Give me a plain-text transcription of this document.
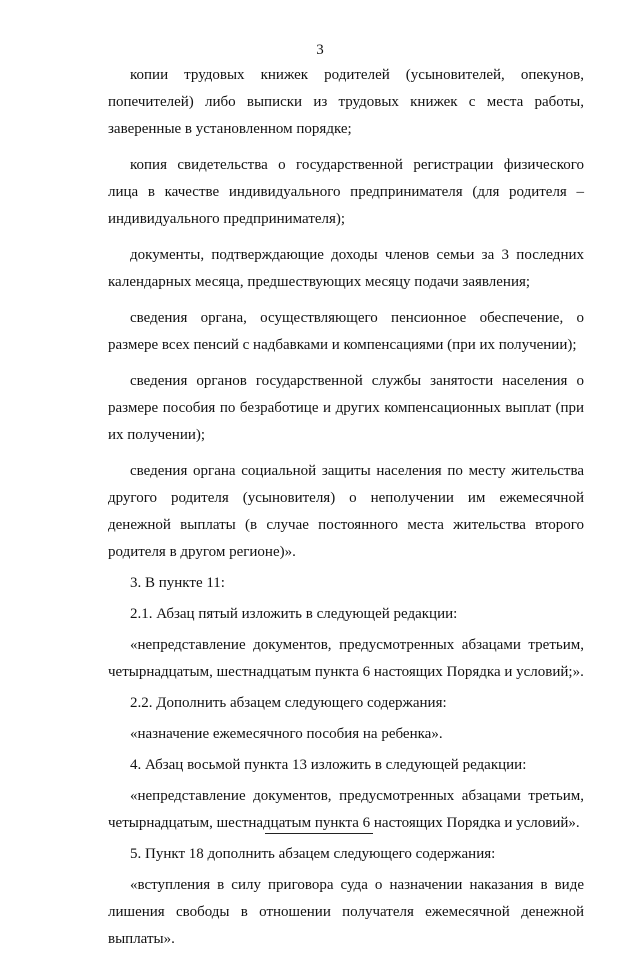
3

копии трудовых книжек родителей (усыновителей, опекунов, попечителей) либо выписки из трудовых книжек с места работы, заверенные в установленном порядке;

копия свидетельства о государственной регистрации физического лица в качестве индивидуального предпринимателя (для родителя – индивидуального предпринимателя);

документы, подтверждающие доходы членов семьи за 3 последних календарных месяца, предшествующих месяцу подачи заявления;

сведения органа, осуществляющего пенсионное обеспечение, о размере всех пенсий с надбавками и компенсациями (при их получении);

сведения органов государственной службы занятости населения о размере пособия по безработице и других компенсационных выплат (при их получении);

сведения органа социальной защиты населения по месту жительства другого родителя (усыновителя) о неполучении им ежемесячной денежной выплаты (в случае постоянного места жительства второго родителя в другом регионе)».

3. В пункте 11:

2.1. Абзац пятый изложить в следующей редакции:

«непредставление документов, предусмотренных абзацами третьим, четырнадцатым, шестнадцатым пункта 6 настоящих Порядка и условий;».

2.2. Дополнить абзацем следующего содержания:

«назначение ежемесячного пособия на ребенка».

4. Абзац восьмой пункта 13 изложить в следующей редакции:

«непредставление документов, предусмотренных абзацами третьим, четырнадцатым, шестнадцатым пункта 6 настоящих Порядка и условий».

5. Пункт 18 дополнить абзацем следующего содержания:

«вступления в силу приговора суда о назначении наказания в виде лишения свободы в отношении получателя ежемесячной денежной выплаты».
